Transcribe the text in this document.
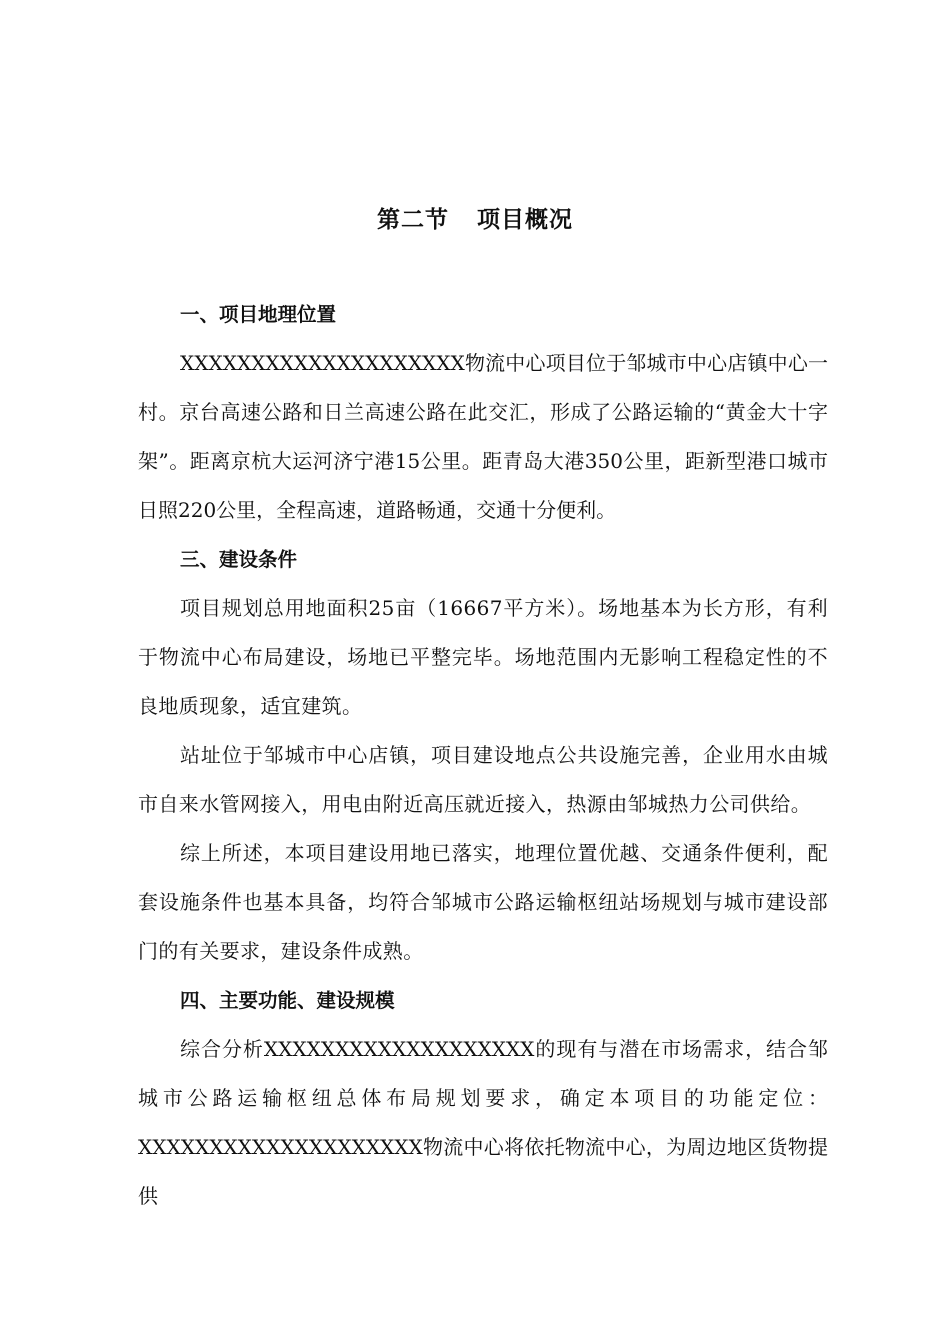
第二节 项目概况
一、项目地理位置

XXXXXXXXXXXXXXXXXXXX物流中心项目位于邹城市中心店镇中心一村。京台高速公路和日兰高速公路在此交汇，形成了公路运输的“黄金大十字架”。距离京杭大运河济宁港15公里。距青岛大港350公里，距新型港口城市日照220公里，全程高速，道路畅通，交通十分便利。

三、建设条件

项目规划总用地面积25亩（16667平方米）。场地基本为长方形，有利于物流中心布局建设，场地已平整完毕。场地范围内无影响工程稳定性的不良地质现象，适宜建筑。

站址位于邹城市中心店镇，项目建设地点公共设施完善，企业用水由城市自来水管网接入，用电由附近高压就近接入，热源由邹城热力公司供给。

综上所述，本项目建设用地已落实，地理位置优越、交通条件便利，配套设施条件也基本具备，均符合邹城市公路运输枢纽站场规划与城市建设部门的有关要求，建设条件成熟。

四、主要功能、建设规模

综合分析XXXXXXXXXXXXXXXXXXX的现有与潜在市场需求，结合邹城市公路运输枢纽总体布局规划要求，确定本项目的功能定位：XXXXXXXXXXXXXXXXXXXX物流中心将依托物流中心，为周边地区货物提供
